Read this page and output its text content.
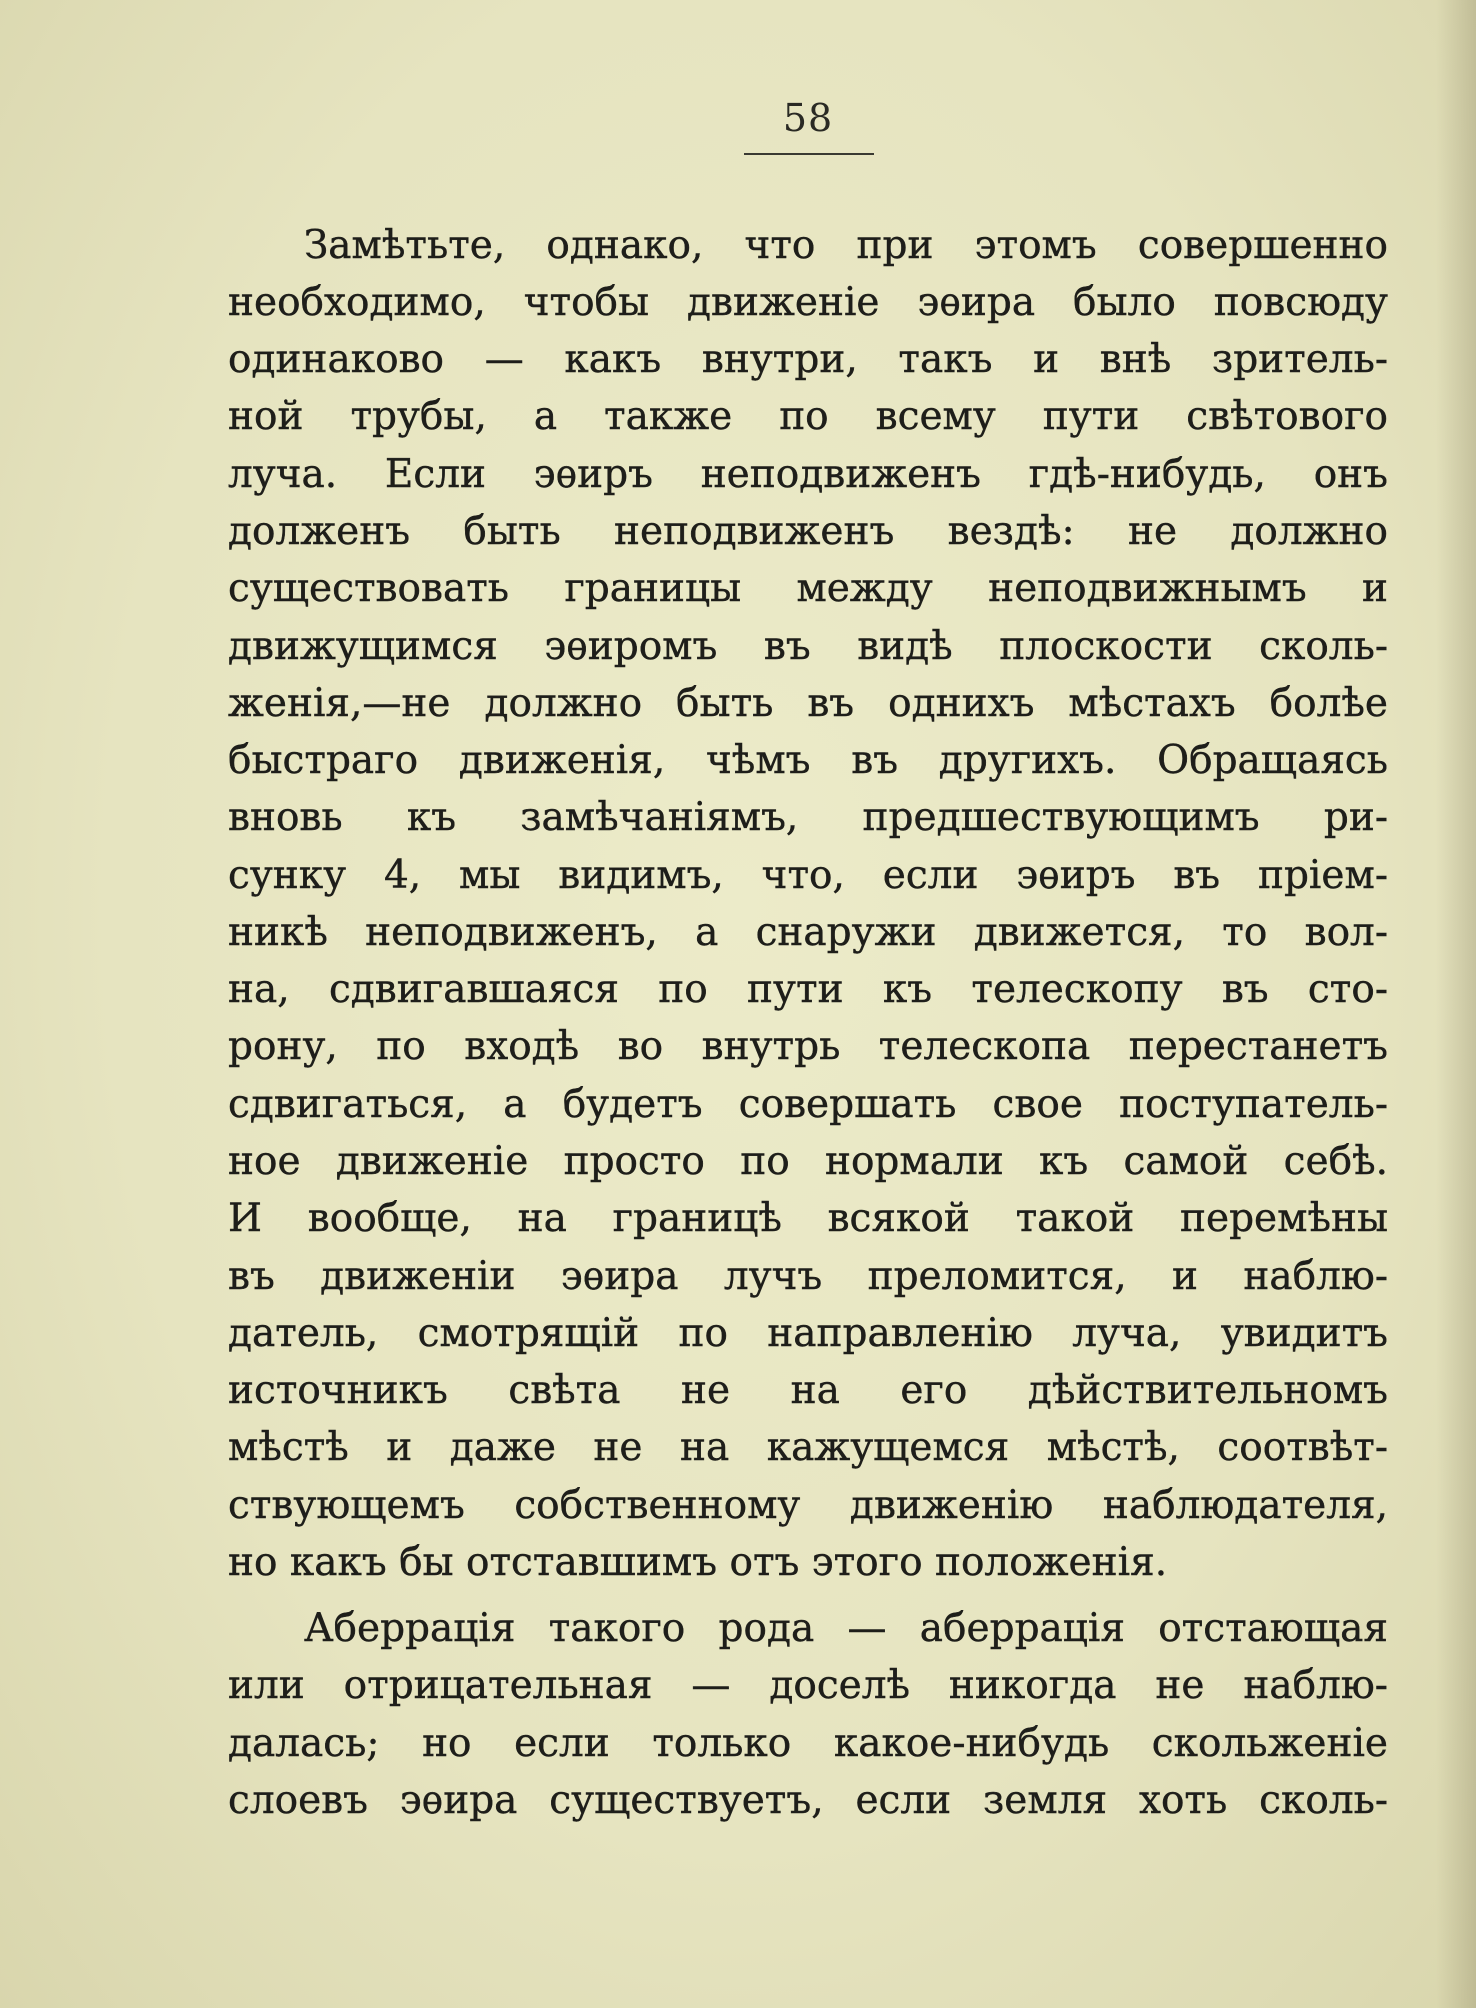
58
Замѣтьте, однако, что при этомъ совершенно
необходимо, чтобы движенiе эѳира было повсюду
одинаково — какъ внутри, такъ и внѣ зритель-
ной трубы, а также по всему пути свѣтового
луча. Если эѳиръ неподвиженъ гдѣ-нибудь, онъ
долженъ быть неподвиженъ вездѣ: не должно
существовать границы между неподвижнымъ и
движущимся эѳиромъ въ видѣ плоскости сколь-
женiя,—не должно быть въ однихъ мѣстахъ болѣе
быстраго движенiя, чѣмъ въ другихъ. Обращаясь
вновь къ замѣчанiямъ, предшествующимъ ри-
сунку 4, мы видимъ, что, если эѳиръ въ прiем-
никѣ неподвиженъ, а снаружи движется, то вол-
на, сдвигавшаяся по пути къ телескопу въ сто-
рону, по входѣ во внутрь телескопа перестанетъ
сдвигаться, а будетъ совершать свое поступатель-
ное движенiе просто по нормали къ самой себѣ.
И вообще, на границѣ всякой такой перемѣны
въ движенiи эѳира лучъ преломится, и наблю-
датель, смотрящiй по направленiю луча, увидитъ
источникъ свѣта не на его дѣйствительномъ
мѣстѣ и даже не на кажущемся мѣстѣ, соотвѣт-
ствующемъ собственному движенiю наблюдателя,
но какъ бы отставшимъ отъ этого положенiя.
Аберрацiя такого рода — аберрацiя отстающая
или отрицательная — доселѣ никогда не наблю-
далась; но если только какое-нибудь скольженiе
слоевъ эѳира существуетъ, если земля хоть сколь-
